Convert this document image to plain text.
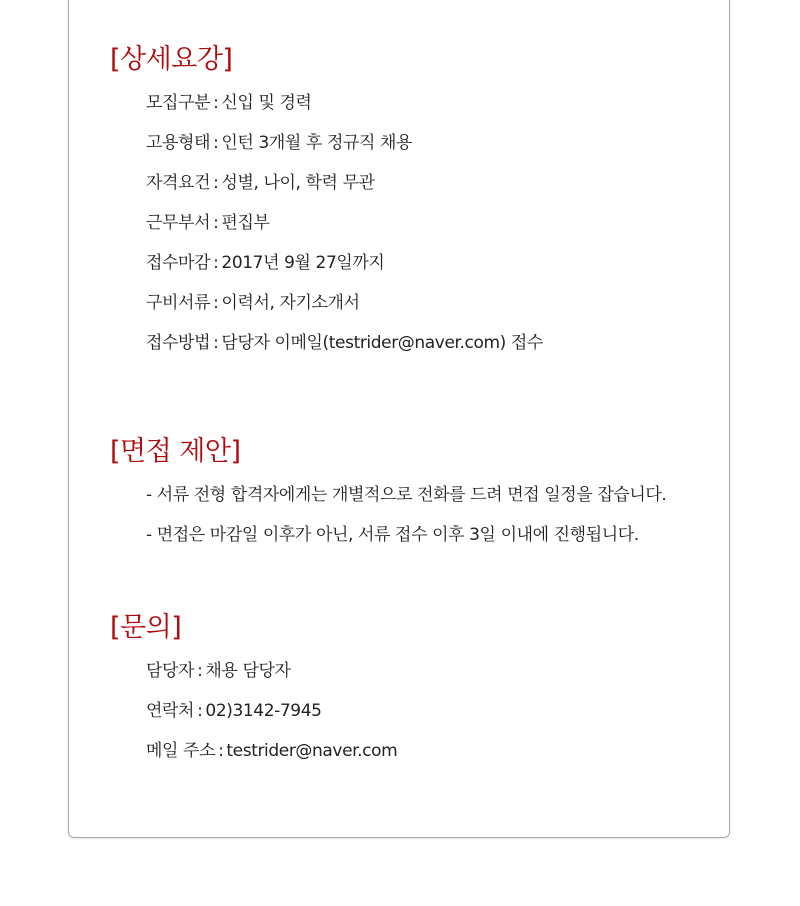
[상세요강]

모집구분 : 신입 및 경력

고용형태 : 인턴 3개월 후 정규직 채용

자격요건 : 성별, 나이, 학력 무관

근무부서 : 편집부

접수마감 : 2017년 9월 27일까지

구비서류 : 이력서, 자기소개서

접수방법 : 담당자 이메일(testrider@naver.com) 접수

[면접 제안]

- 서류 전형 합격자에게는 개별적으로 전화를 드려 면접 일정을 잡습니다.

- 면접은 마감일 이후가 아닌, 서류 접수 이후 3일 이내에 진행됩니다.

[문의]

담당자 : 채용 담당자

연락처 : 02)3142-7945

메일 주소 : testrider@naver.com
